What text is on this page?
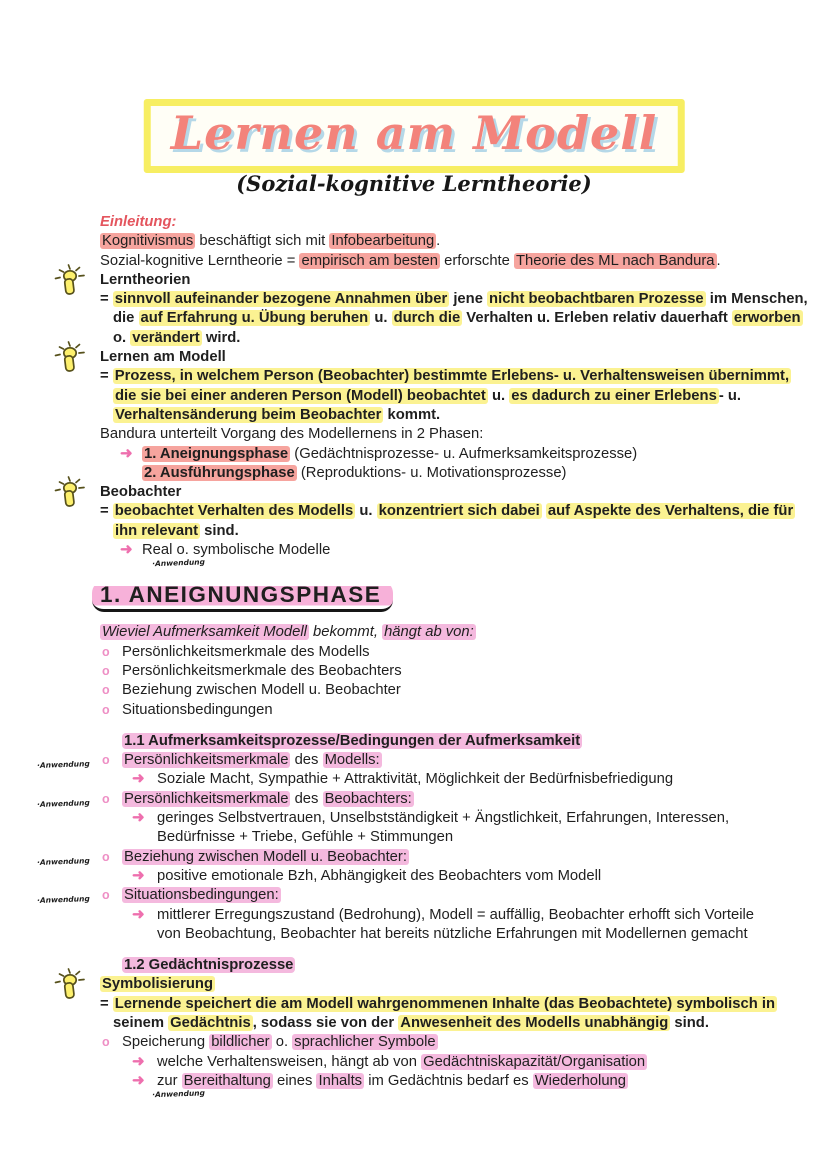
Lernen am Modell
(Sozial-kognitive Lerntheorie)
Einleitung:
Kognitivismus beschäftigt sich mit Infobearbeitung .
Sozial-kognitive Lerntheorie = empirisch am besten erforschte Theorie des ML nach Bandura .
Lerntheorien
= sinnvoll aufeinander bezogene Annahmen über jene nicht beobachtbaren Prozesse im Menschen,
die auf Erfahrung u. Übung beruhen u. durch die Verhalten u. Erleben relativ dauerhaft erworben
o. verändert wird.
Lernen am Modell
= Prozess, in welchem Person (Beobachter) bestimmte Erlebens- u. Verhaltensweisen übernimmt,
die sie bei einer anderen Person (Modell) beobachtet u. es dadurch zu einer Erlebens - u.
Verhaltensänderung beim Beobachter kommt.
Bandura unterteilt Vorgang des Modellernens in 2 Phasen:
➜ 1. Aneignungsphase (Gedächtnisprozesse- u. Aufmerksamkeitsprozesse)
2. Ausführungsphase (Reproduktions- u. Motivationsprozesse)
Beobachter
= beobachtet Verhalten des Modells u. konzentriert sich dabei auf Aspekte des Verhaltens, die für
ihn relevant sind.
➜ Real o. symbolische Modelle
·Anwendung
1. ANEIGNUNGSPHASE
Wieviel Aufmerksamkeit Modell bekommt, hängt ab von:
o Persönlichkeitsmerkmale des Modells
o Persönlichkeitsmerkmale des Beobachters
o Beziehung zwischen Modell u. Beobachter
o Situationsbedingungen
1.1 Aufmerksamkeitsprozesse/Bedingungen der Aufmerksamkeit
·Anwendung o Persönlichkeitsmerkmale des Modells:
➜ Soziale Macht, Sympathie + Attraktivität, Möglichkeit der Bedürfnisbefriedigung
·Anwendung o Persönlichkeitsmerkmale des Beobachters:
➜ geringes Selbstvertrauen, Unselbstständigkeit + Ängstlichkeit, Erfahrungen, Interessen,
Bedürfnisse + Triebe, Gefühle + Stimmungen
·Anwendung o Beziehung zwischen Modell u. Beobachter:
➜ positive emotionale Bzh, Abhängigkeit des Beobachters vom Modell
·Anwendung o Situationsbedingungen:
➜ mittlerer Erregungszustand (Bedrohung), Modell = auffällig, Beobachter erhofft sich Vorteile
von Beobachtung, Beobachter hat bereits nützliche Erfahrungen mit Modellernen gemacht
1.2 Gedächtnisprozesse
Symbolisierung
= Lernende speichert die am Modell wahrgenommenen Inhalte (das Beobachtete) symbolisch in
seinem Gedächtnis , sodass sie von der Anwesenheit des Modells unabhängig sind.
o Speicherung bildlicher o. sprachlicher Symbole
➜ welche Verhaltensweisen, hängt ab von Gedächtniskapazität/Organisation
➜ zur Bereithaltung eines Inhalts im Gedächtnis bedarf es Wiederholung
·Anwendung
